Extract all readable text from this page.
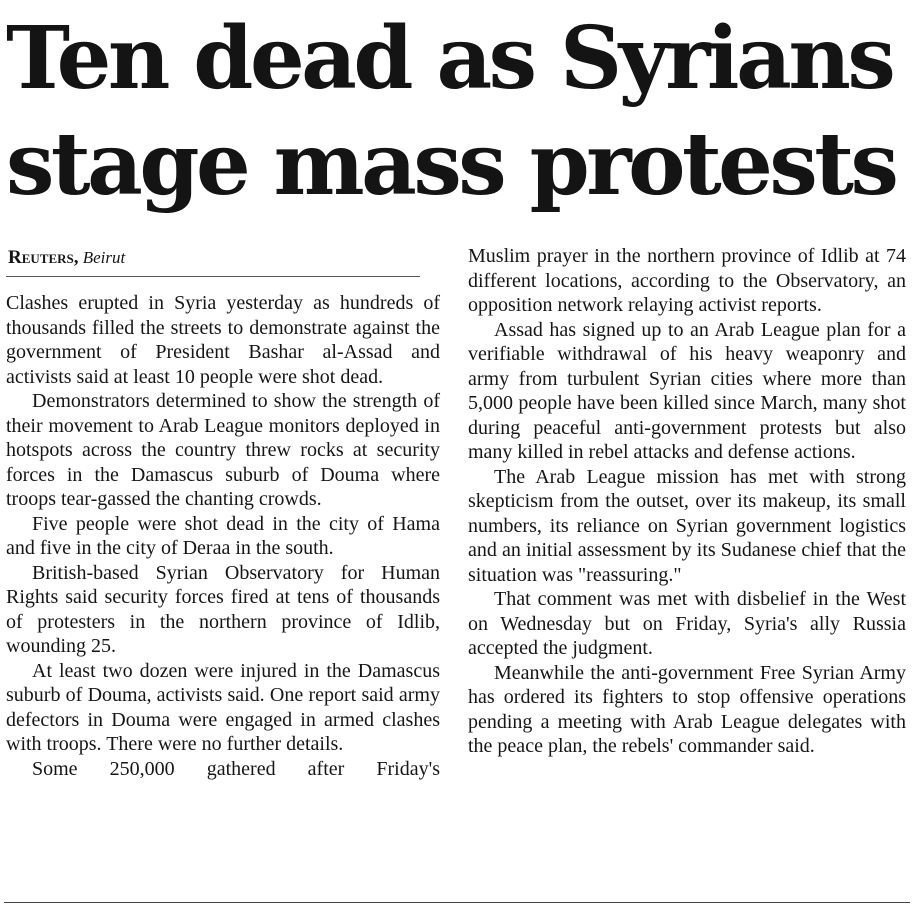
Ten dead as Syrians
stage mass protests
Reuters, Beirut

Clashes erupted in Syria yesterday as hundreds of thousands filled the streets to demonstrate against the government of President Bashar al-Assad and activists said at least 10 people were shot dead.

Demonstrators determined to show the strength of their movement to Arab League monitors deployed in hotspots across the country threw rocks at security forces in the Damascus suburb of Douma where troops tear-gassed the chanting crowds.

Five people were shot dead in the city of Hama and five in the city of Deraa in the south.

British-based Syrian Observatory for Human Rights said security forces fired at tens of thousands of protesters in the northern province of Idlib, wounding 25.

At least two dozen were injured in the Damascus suburb of Douma, activists said. One report said army defectors in Douma were engaged in armed clashes with troops. There were no further details.

Some 250,000 gathered after Friday's

Muslim prayer in the northern province of Idlib at 74 different locations, according to the Observatory, an opposition network relaying activist reports.

Assad has signed up to an Arab League plan for a verifiable withdrawal of his heavy weaponry and army from turbulent Syrian cities where more than 5,000 people have been killed since March, many shot during peaceful anti-government protests but also many killed in rebel attacks and defense actions.

The Arab League mission has met with strong skepticism from the outset, over its makeup, its small numbers, its reliance on Syrian government logistics and an initial assessment by its Sudanese chief that the situation was "reassuring."

That comment was met with disbelief in the West on Wednesday but on Friday, Syria's ally Russia accepted the judgment.

Meanwhile the anti-government Free Syrian Army has ordered its fighters to stop offensive operations pending a meeting with Arab League delegates with the peace plan, the rebels' commander said.
